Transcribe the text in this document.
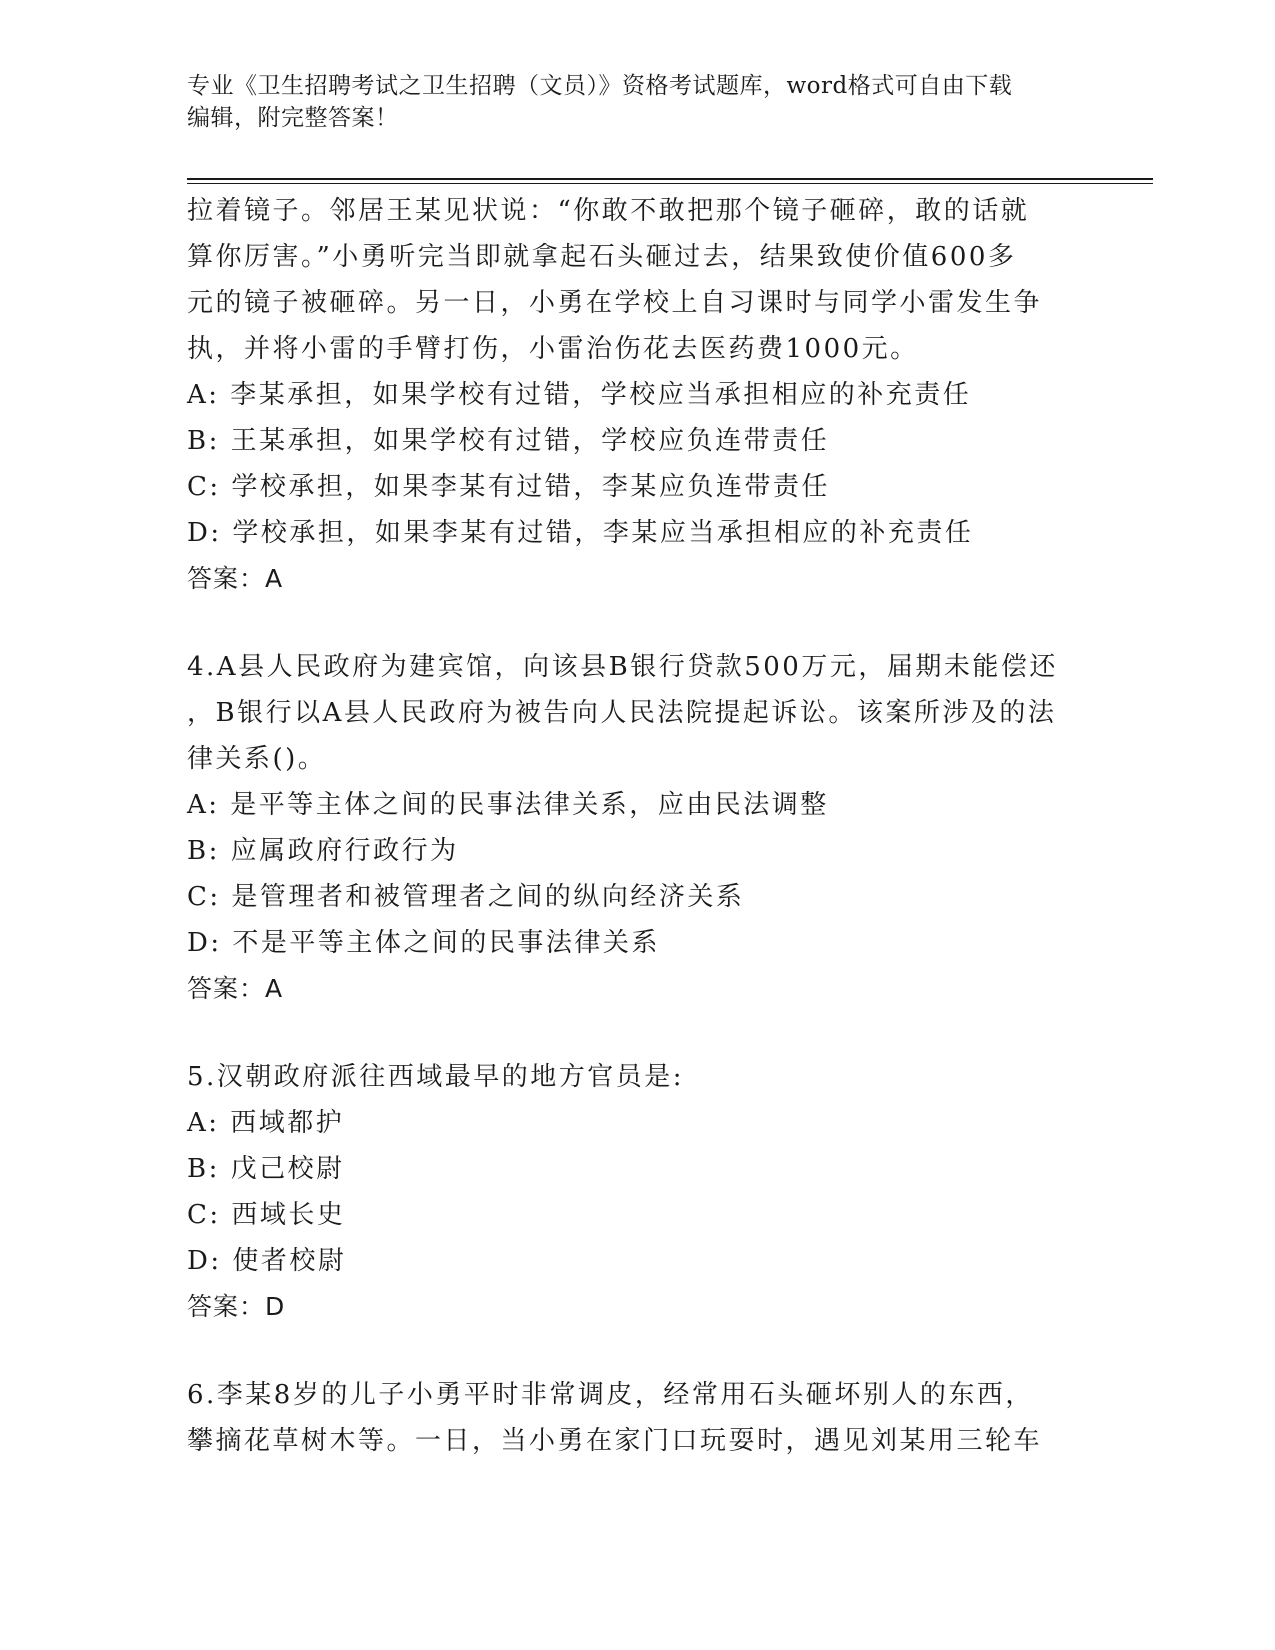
专业《卫生招聘考试之卫生招聘（文员）》资格考试题库，word格式可自由下载
编辑，附完整答案！

拉着镜子。邻居王某见状说：“你敢不敢把那个镜子砸碎，敢的话就

算你厉害。”小勇听完当即就拿起石头砸过去，结果致使价值600多

元的镜子被砸碎。另一日，小勇在学校上自习课时与同学小雷发生争

执，并将小雷的手臂打伤，小雷治伤花去医药费1000元。

A: 李某承担，如果学校有过错，学校应当承担相应的补充责任

B: 王某承担，如果学校有过错，学校应负连带责任

C: 学校承担，如果李某有过错，李某应负连带责任

D: 学校承担，如果李某有过错，李某应当承担相应的补充责任

答案：A

4.A县人民政府为建宾馆，向该县B银行贷款500万元，届期未能偿还

，B银行以A县人民政府为被告向人民法院提起诉讼。该案所涉及的法

律关系()。

A: 是平等主体之间的民事法律关系，应由民法调整

B: 应属政府行政行为

C: 是管理者和被管理者之间的纵向经济关系

D: 不是平等主体之间的民事法律关系

答案：A

5.汉朝政府派往西域最早的地方官员是:

A: 西域都护

B: 戊己校尉

C: 西域长史

D: 使者校尉

答案：D

6.李某8岁的儿子小勇平时非常调皮，经常用石头砸坏别人的东西，

攀摘花草树木等。一日，当小勇在家门口玩耍时，遇见刘某用三轮车
